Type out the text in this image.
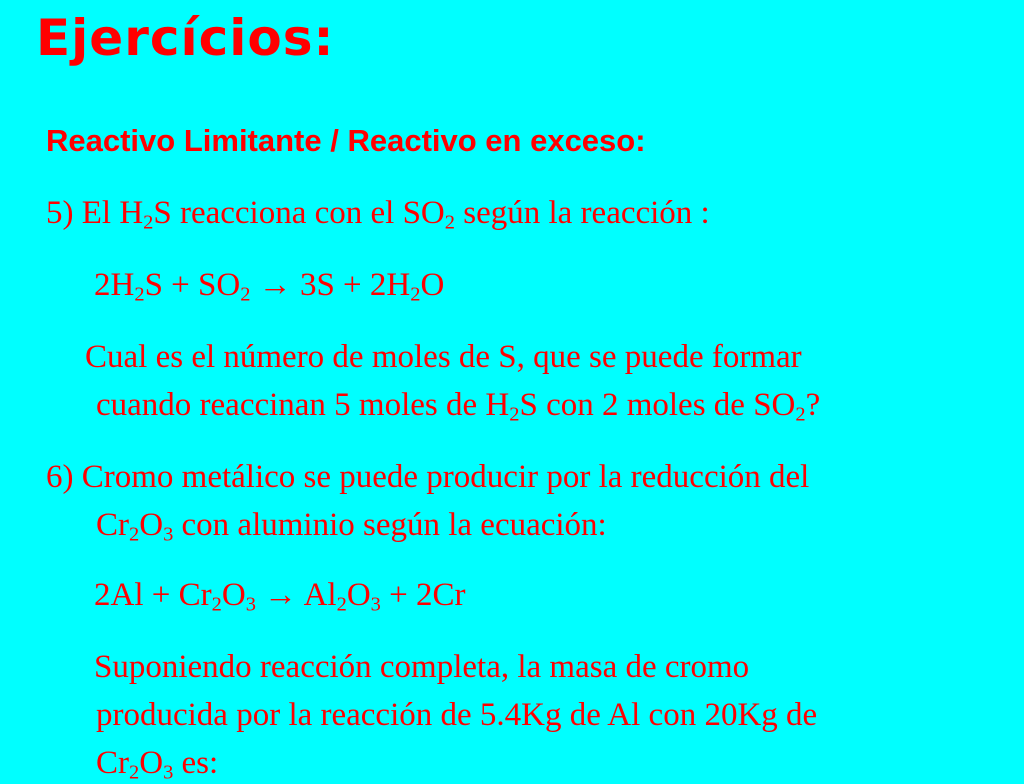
Ejercícios:
Reactivo Limitante / Reactivo en exceso:

5) El $H_2S$ reacciona con el $SO_2$ según la reacción :

$2H_2S + SO_2 \to 3S + 2H_2O$

Cual es el número de moles de S, que se puede formar

cuando reaccinan 5 moles de $H_2S$ con 2 moles de $SO_2$?

6) Cromo metálico se puede producir por la reducción del

$Cr_2O_3$ con aluminio según la ecuación:

$2Al + Cr_2O_3 \to Al_2O_3 + 2Cr$

Suponiendo reacción completa, la masa de cromo

producida por la reacción de 5.4Kg de Al con 20Kg de

$Cr_2O_3$ es:
